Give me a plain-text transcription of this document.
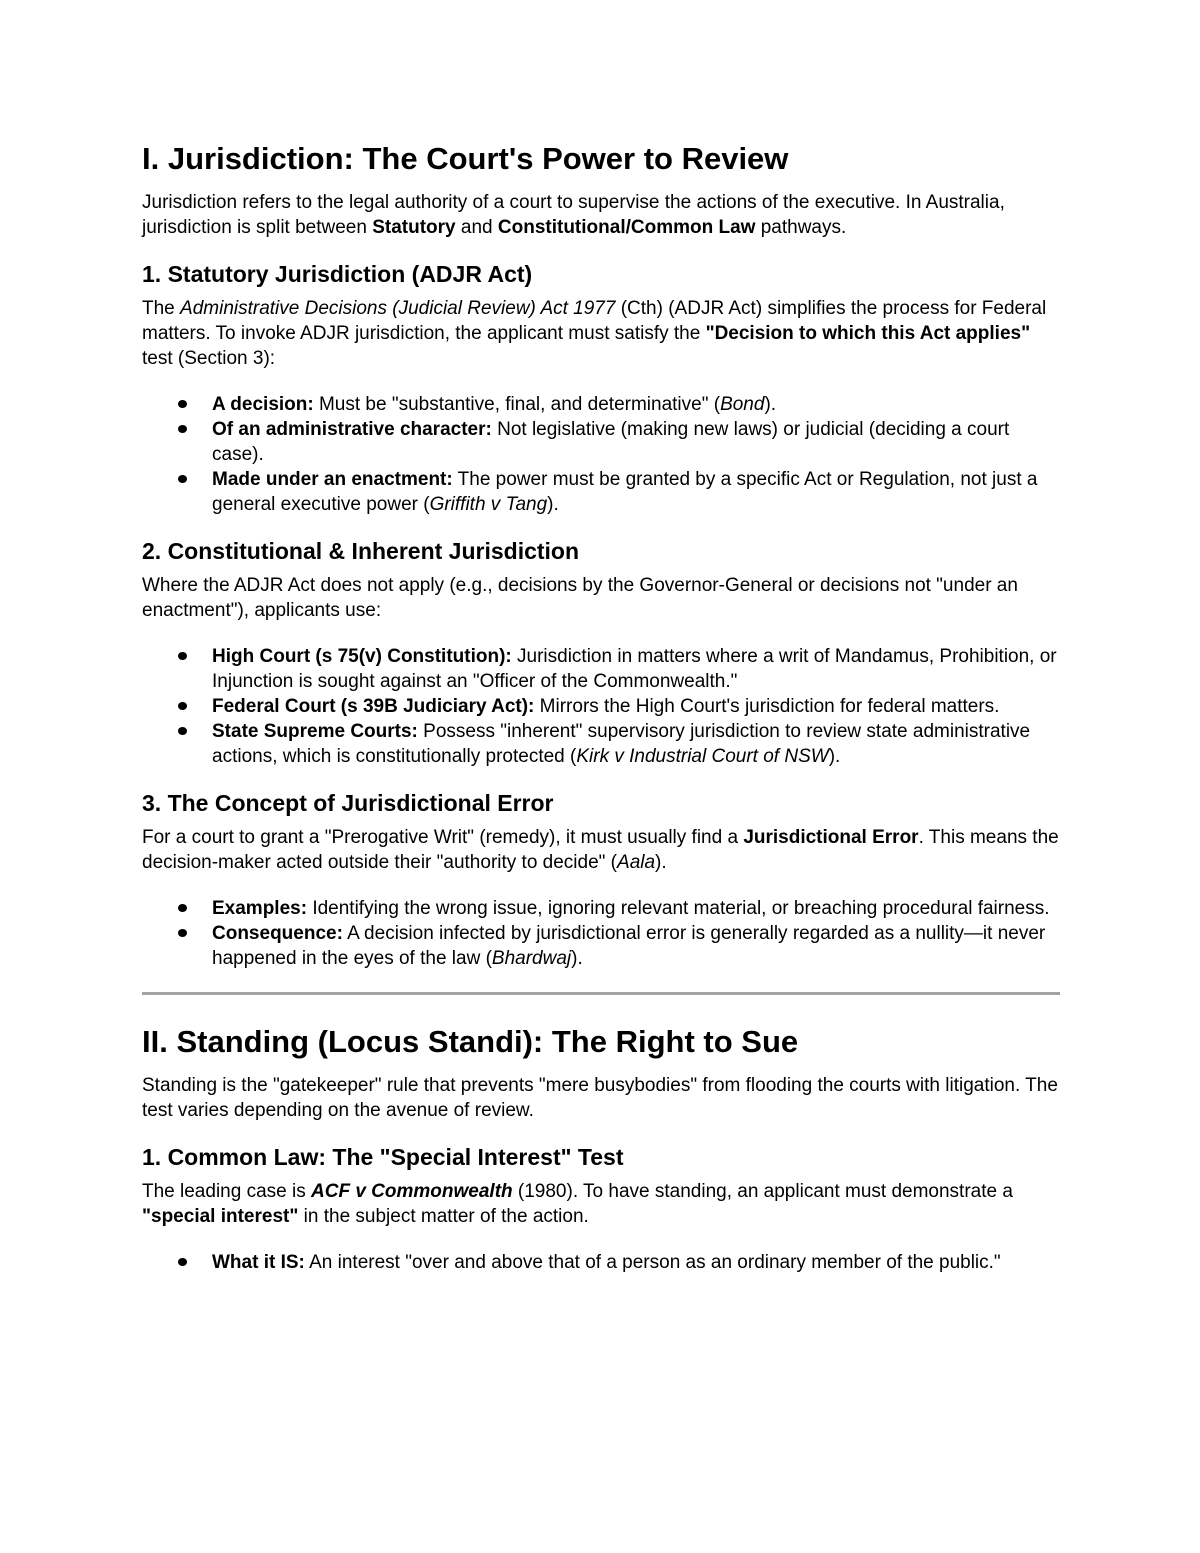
I. Jurisdiction: The Court's Power to Review

Jurisdiction refers to the legal authority of a court to supervise the actions of the executive. In Australia, jurisdiction is split between Statutory and Constitutional/Common Law pathways.

1. Statutory Jurisdiction (ADJR Act)

The Administrative Decisions (Judicial Review) Act 1977 (Cth) (ADJR Act) simplifies the process for Federal matters. To invoke ADJR jurisdiction, the applicant must satisfy the "Decision to which this Act applies" test (Section 3):

A decision: Must be "substantive, final, and determinative" (Bond).
Of an administrative character: Not legislative (making new laws) or judicial (deciding a court case).
Made under an enactment: The power must be granted by a specific Act or Regulation, not just a general executive power (Griffith v Tang).
2. Constitutional & Inherent Jurisdiction

Where the ADJR Act does not apply (e.g., decisions by the Governor-General or decisions not "under an enactment"), applicants use:

High Court (s 75(v) Constitution): Jurisdiction in matters where a writ of Mandamus, Prohibition, or Injunction is sought against an "Officer of the Commonwealth."
Federal Court (s 39B Judiciary Act): Mirrors the High Court's jurisdiction for federal matters.
State Supreme Courts: Possess "inherent" supervisory jurisdiction to review state administrative actions, which is constitutionally protected (Kirk v Industrial Court of NSW).
3. The Concept of Jurisdictional Error

For a court to grant a "Prerogative Writ" (remedy), it must usually find a Jurisdictional Error. This means the decision-maker acted outside their "authority to decide" (Aala).

Examples: Identifying the wrong issue, ignoring relevant material, or breaching procedural fairness.
Consequence: A decision infected by jurisdictional error is generally regarded as a nullity—it never happened in the eyes of the law (Bhardwaj).
II. Standing (Locus Standi): The Right to Sue

Standing is the "gatekeeper" rule that prevents "mere busybodies" from flooding the courts with litigation. The test varies depending on the avenue of review.

1. Common Law: The "Special Interest" Test

The leading case is ACF v Commonwealth (1980). To have standing, an applicant must demonstrate a "special interest" in the subject matter of the action.

What it IS: An interest "over and above that of a person as an ordinary member of the public."
